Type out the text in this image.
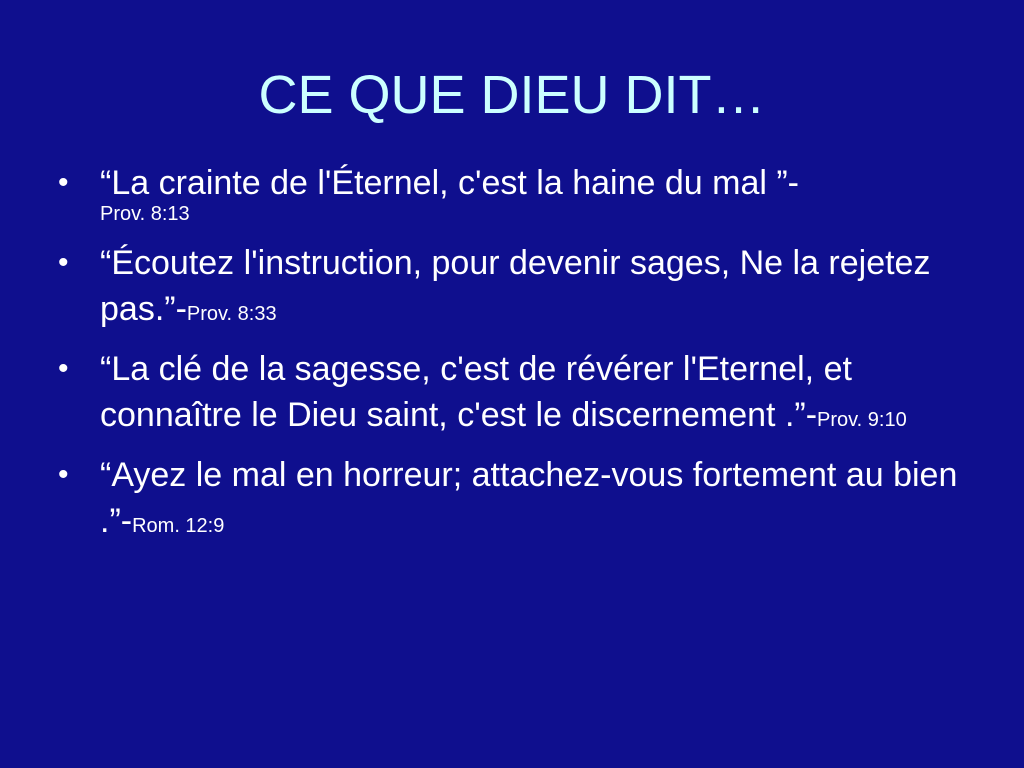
CE QUE DIEU DIT…
• “La crainte de l'Éternel, c'est la haine du mal ”-
Prov. 8:13
• “Écoutez l'instruction, pour devenir sages, Ne la rejetez pas.”-Prov. 8:33
• “La clé de la sagesse, c'est de révérer l'Eternel, et connaître le Dieu saint, c'est le discernement .”-Prov. 9:10
• “Ayez le mal en horreur; attachez-vous fortement au bien .”-Rom. 12:9
